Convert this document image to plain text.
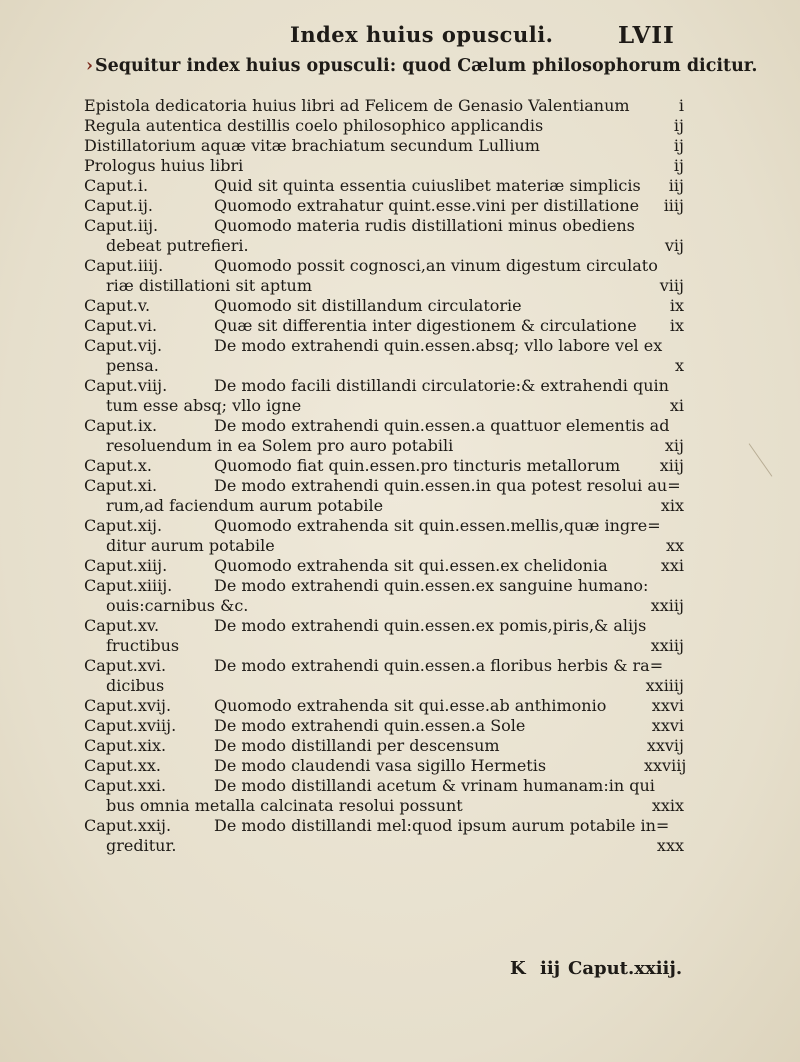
Index huius opusculi.	LVII
› Sequitur index huius opusculi: quod Cælum philosophorum dicitur.
Epistola dedicatoria huius libri ad Felicem de Genasio Valentianum	i
Regula autentica destillis coelo philosophico applicandis	ij
Distillatorium aquæ vitæ brachiatum secundum Lullium	ij
Prologus huius libri	ij
Caput.i.	Quid sit quinta essentia cuiuslibet materiæ simplicis	iij
Caput.ij.	Quomodo extrahatur quint.esse.vini per distillatione	iiij
Caput.iij.	Quomodo materia rudis distillationi minus obediens
debeat putrefieri.	vij
Caput.iiij.	Quomodo possit cognosci,an vinum digestum circulato
riæ distillationi sit aptum	viij
Caput.v.	Quomodo sit distillandum circulatorie	ix
Caput.vi.	Quæ sit differentia inter digestionem & circulatione	ix
Caput.vij.	De modo extrahendi quin.essen.absq; vllo labore vel ex
pensa.	x
Caput.viij.	De modo facili distillandi circulatorie:& extrahendi quin
tum esse absq; vllo igne	xi
Caput.ix.	De modo extrahendi quin.essen.a quattuor elementis ad
resoluendum in ea Solem pro auro potabili	xij
Caput.x.	Quomodo fiat quin.essen.pro tincturis metallorum	xiij
Caput.xi.	De modo extrahendi quin.essen.in qua potest resolui au=
rum,ad faciendum aurum potabile	xix
Caput.xij.	Quomodo extrahenda sit quin.essen.mellis,quæ ingre=
ditur aurum potabile	xx
Caput.xiij.	Quomodo extrahenda sit qui.essen.ex chelidonia	xxi
Caput.xiiij.	De modo extrahendi quin.essen.ex sanguine humano:
ouis:carnibus &c.	xxiij
Caput.xv.	De modo extrahendi quin.essen.ex pomis,piris,& alijs
fructibus	xxiij
Caput.xvi.	De modo extrahendi quin.essen.a floribus herbis & ra=
dicibus	xxiiij
Caput.xvij.	Quomodo extrahenda sit qui.esse.ab anthimonio	xxvi
Caput.xviij. De modo extrahendi quin.essen.a Sole	xxvi
Caput.xix.	De modo distillandi per descensum	xxvij
Caput.xx.	De modo claudendi vasa sigillo Hermetis	xxviij
Caput.xxi.	De modo distillandi acetum & vrinam humanam:in qui
bus omnia metalla calcinata resolui possunt	xxix
Caput.xxij.	De modo distillandi mel:quod ipsum aurum potabile in=
greditur.	xxx
K iij Caput.xxiij.
